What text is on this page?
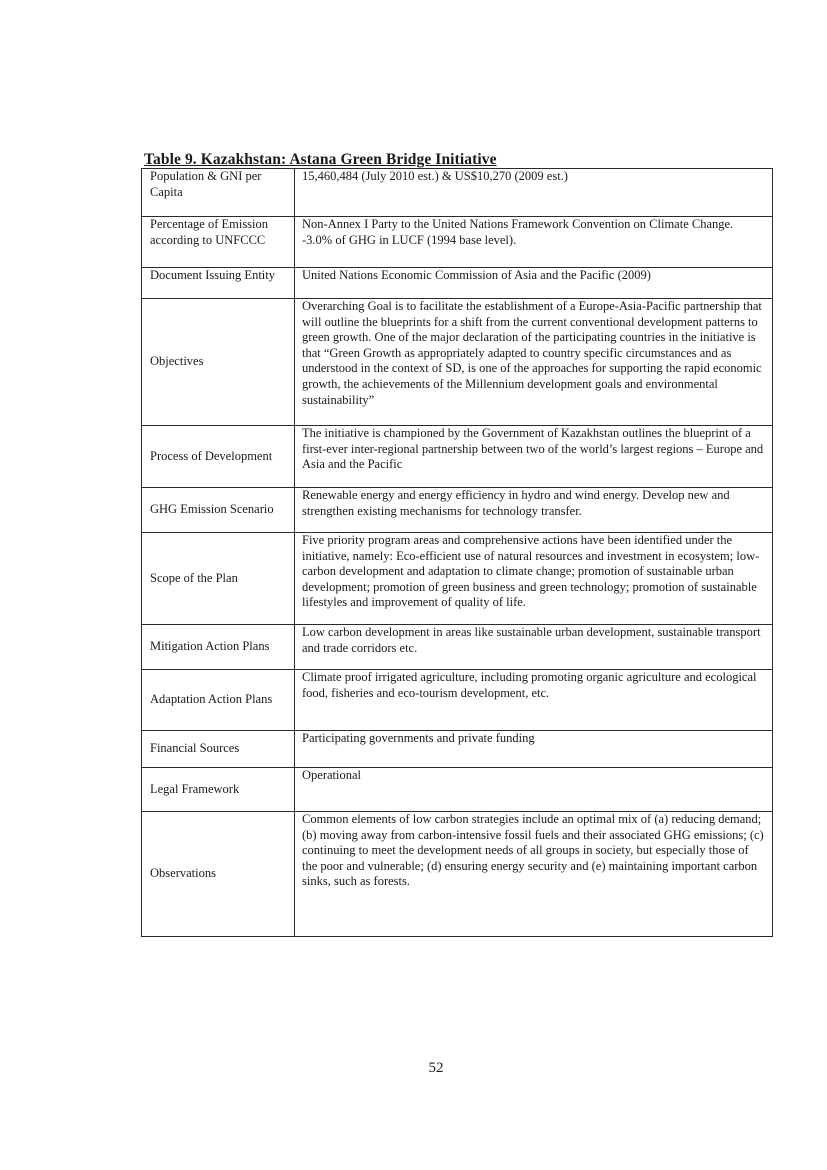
Table 9. Kazakhstan: Astana Green Bridge Initiative
Population & GNI per Capita	15,460,484 (July 2010 est.) & US$10,270 (2009 est.)

Percentage of Emission according to UNFCCC	Non-Annex I Party to the United Nations Framework Convention on Climate Change. -3.0% of GHG in LUCF (1994 base level).

Document Issuing Entity	United Nations Economic Commission of Asia and the Pacific (2009)

Objectives	Overarching Goal is to facilitate the establishment of a Europe-Asia-Pacific partnership that will outline the blueprints for a shift from the current conventional development patterns to green growth. One of the major declaration of the participating countries in the initiative is that “Green Growth as appropriately adapted to country specific circumstances and as understood in the context of SD, is one of the approaches for supporting the rapid economic growth, the achievements of the Millennium development goals and environmental sustainability”

Process of Development	The initiative is championed by the Government of Kazakhstan outlines the blueprint of a first-ever inter-regional partnership between two of the world’s largest regions – Europe and Asia and the Pacific

GHG Emission Scenario	Renewable energy and energy efficiency in hydro and wind energy. Develop new and strengthen existing mechanisms for technology transfer.

Scope of the Plan	Five priority program areas and comprehensive actions have been identified under the initiative, namely: Eco-efficient use of natural resources and investment in ecosystem; low-carbon development and adaptation to climate change; promotion of sustainable urban development; promotion of green business and green technology; promotion of sustainable lifestyles and improvement of quality of life.

Mitigation Action Plans	Low carbon development in areas like sustainable urban development, sustainable transport and trade corridors etc.

Adaptation Action Plans	Climate proof irrigated agriculture, including promoting organic agriculture and ecological food, fisheries and eco-tourism development, etc.

Financial Sources	Participating governments and private funding

Legal Framework	Operational

Observations	Common elements of low carbon strategies include an optimal mix of (a) reducing demand; (b) moving away from carbon-intensive fossil fuels and their associated GHG emissions; (c) continuing to meet the development needs of all groups in society, but especially those of the poor and vulnerable; (d) ensuring energy security and (e) maintaining important carbon sinks, such as forests.
52
